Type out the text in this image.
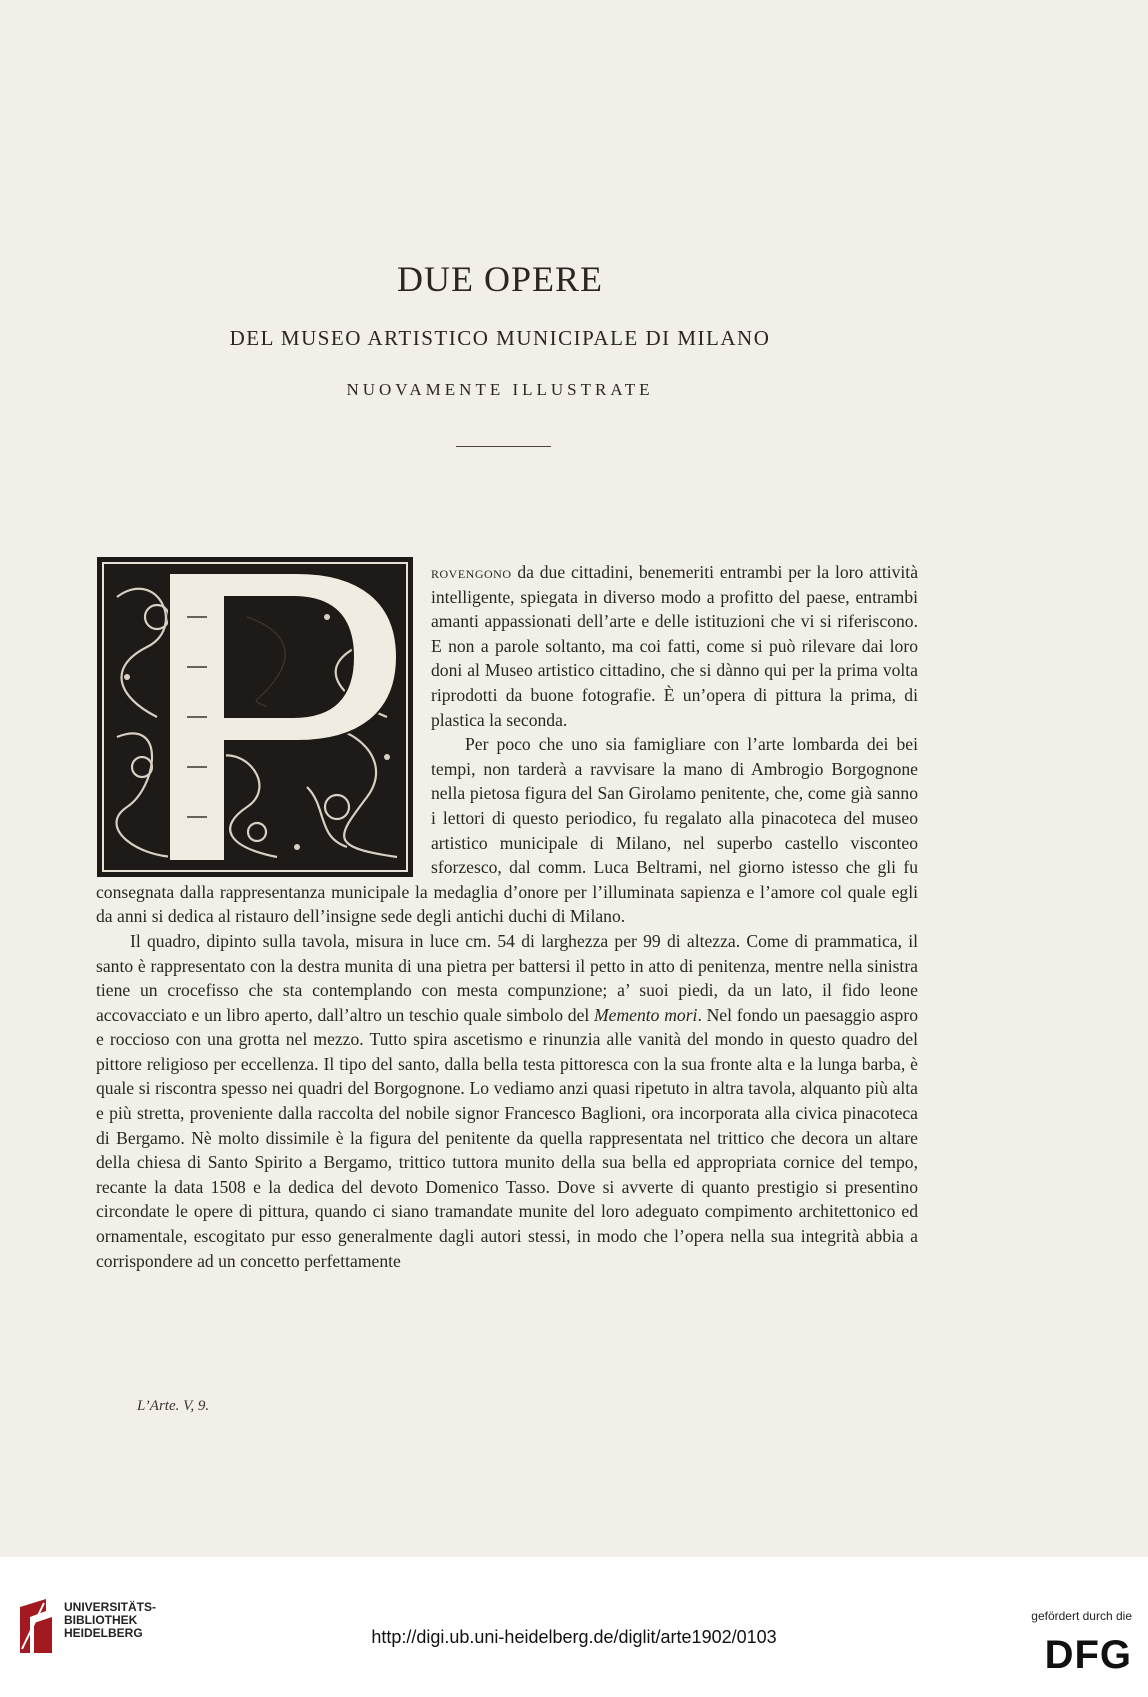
DUE OPERE
DEL MUSEO ARTISTICO MUNICIPALE DI MILANO
NUOVAMENTE ILLUSTRATE

rovengono da due cittadini, benemeriti entrambi per la loro attività intelligente, spiegata in diverso modo a profitto del paese, entrambi amanti appassionati dell’arte e delle istituzioni che vi si riferiscono. E non a parole soltanto, ma coi fatti, come si può rilevare dai loro doni al Museo artistico cittadino, che si dànno qui per la prima volta riprodotti da buone fotografie. È un’opera di pittura la prima, di plastica la seconda.

Per poco che uno sia famigliare con l’arte lombarda dei bei tempi, non tarderà a ravvisare la mano di Ambrogio Borgognone nella pietosa figura del San Girolamo penitente, che, come già sanno i lettori di questo periodico, fu regalato alla pinacoteca del museo artistico municipale di Milano, nel superbo castello visconteo sforzesco, dal comm. Luca Beltrami, nel giorno istesso che gli fu consegnata dalla rappresentanza municipale la medaglia d’onore per l’illuminata sapienza e l’amore col quale egli da anni si dedica al ristauro dell’insigne sede degli antichi duchi di Milano.

Il quadro, dipinto sulla tavola, misura in luce cm. 54 di larghezza per 99 di altezza. Come di prammatica, il santo è rappresentato con la destra munita di una pietra per battersi il petto in atto di penitenza, mentre nella sinistra tiene un crocefisso che sta contemplando con mesta compunzione; a’ suoi piedi, da un lato, il fido leone accovacciato e un libro aperto, dall’altro un teschio quale simbolo del Memento mori. Nel fondo un paesaggio aspro e roccioso con una grotta nel mezzo. Tutto spira ascetismo e rinunzia alle vanità del mondo in questo quadro del pittore religioso per eccellenza. Il tipo del santo, dalla bella testa pittoresca con la sua fronte alta e la lunga barba, è quale si riscontra spesso nei quadri del Borgognone. Lo vediamo anzi quasi ripetuto in altra tavola, alquanto più alta e più stretta, proveniente dalla raccolta del nobile signor Francesco Baglioni, ora incorporata alla civica pinacoteca di Bergamo. Nè molto dissimile è la figura del penitente da quella rappresentata nel trittico che decora un altare della chiesa di Santo Spirito a Bergamo, trittico tuttora munito della sua bella ed appropriata cornice del tempo, recante la data 1508 e la dedica del devoto Domenico Tasso. Dove si avverte di quanto prestigio si presentino circondate le opere di pittura, quando ci siano tramandate munite del loro adeguato compimento architettonico ed ornamentale, escogitato pur esso generalmente dagli autori stessi, in modo che l’opera nella sua integrità abbia a corrispondere ad un concetto perfettamente

L’Arte. V, 9.
UNIVERSITÄTS-
BIBLIOTHEK
HEIDELBERG	http://digi.ub.uni-heidelberg.de/diglit/arte1902/0103
gefördert durch die
DFG
